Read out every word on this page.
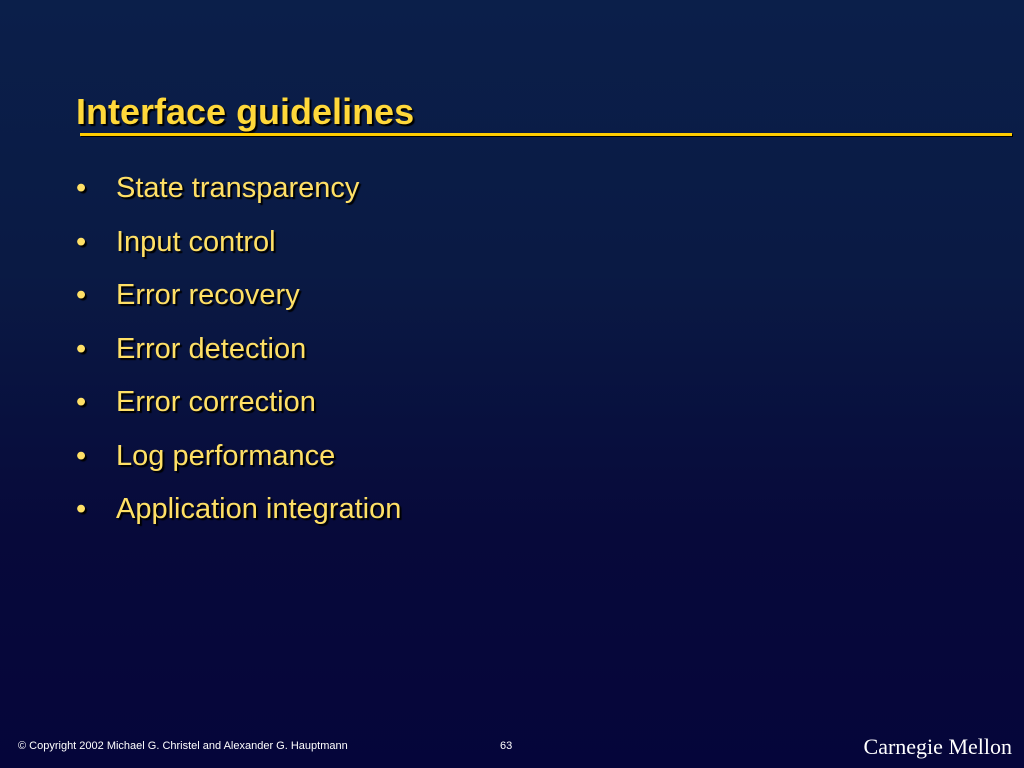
Interface guidelines
•	State transparency
•	Input control
•	Error recovery
•	Error detection
•	Error correction
•	Log performance
•	Application integration
© Copyright 2002 Michael G. Christel and Alexander G. Hauptmann	63	Carnegie Mellon
